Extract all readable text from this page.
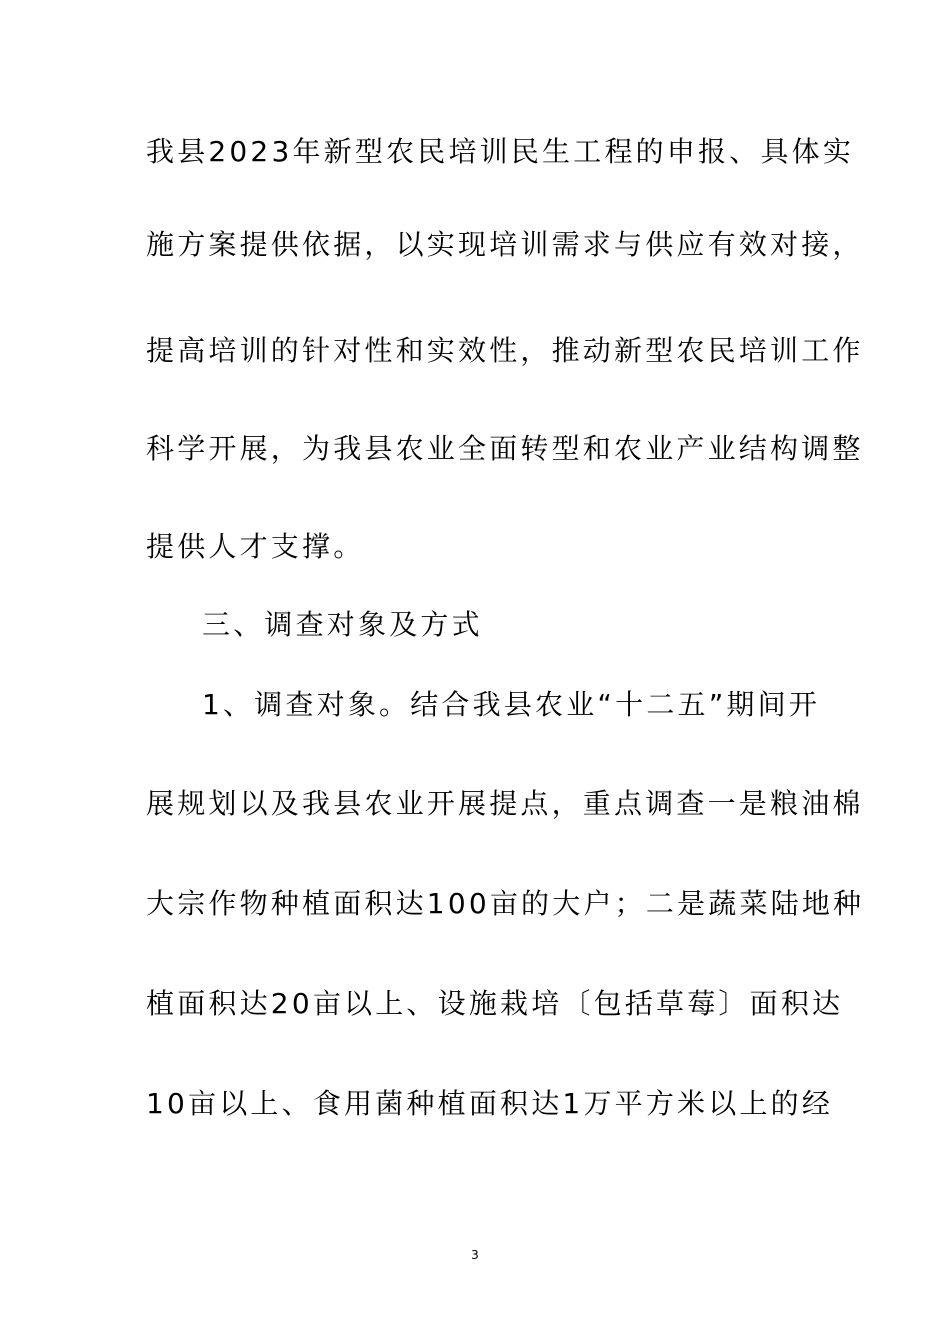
我县2023年新型农民培训民生工程的申报、具体实
施方案提供依据，以实现培训需求与供应有效对接，
提高培训的针对性和实效性，推动新型农民培训工作
科学开展，为我县农业全面转型和农业产业结构调整
提供人才支撑。
三、调查对象及方式
1、调查对象。结合我县农业“十二五”期间开
展规划以及我县农业开展提点，重点调查一是粮油棉
大宗作物种植面积达100亩的大户；二是蔬菜陆地种
植面积达20亩以上、设施栽培〔包括草莓〕面积达
10亩以上、食用菌种植面积达1万平方米以上的经
3
